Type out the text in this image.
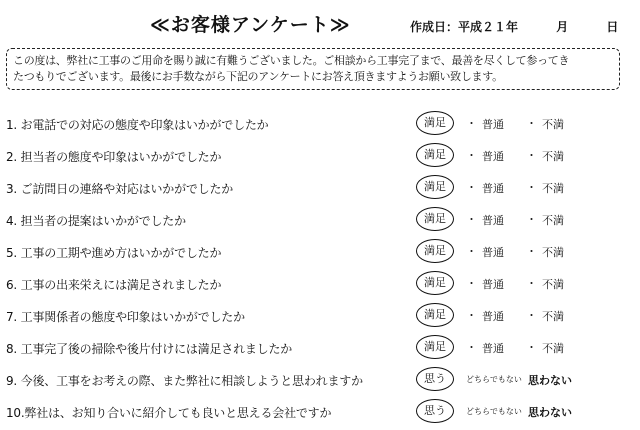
≪お客様アンケート≫	作成日：平成２１年	月	日
この度は、弊社に工事のご用命を賜り誠に有難うございました。ご相談から工事完了まで、最善を尽くして参ってき
たつもりでございます。最後にお手数ながら下記のアンケートにお答え頂きますようお願い致します。
1. お電話での対応の態度や印象はいかがでしたか	満足	・ 普通 ・ 不満
2. 担当者の態度や印象はいかがでしたか	満足	・ 普通 ・ 不満
3. ご訪問日の連絡や対応はいかがでしたか	満足	・ 普通 ・ 不満
4. 担当者の提案はいかがでしたか	満足	・ 普通 ・ 不満
5. 工事の工期や進め方はいかがでしたか	満足	・ 普通 ・ 不満
6. 工事の出来栄えには満足されましたか	満足	・ 普通 ・ 不満
7. 工事関係者の態度や印象はいかがでしたか	満足	・ 普通 ・ 不満
8. 工事完了後の掃除や後片付けには満足されましたか	満足	・ 普通 ・ 不満
9. 今後、工事をお考えの際、また弊社に相談しようと思われますか	思う	どちらでもない 思わない
10.弊社は、お知り合いに紹介しても良いと思える会社ですか	思う	どちらでもない 思わない
